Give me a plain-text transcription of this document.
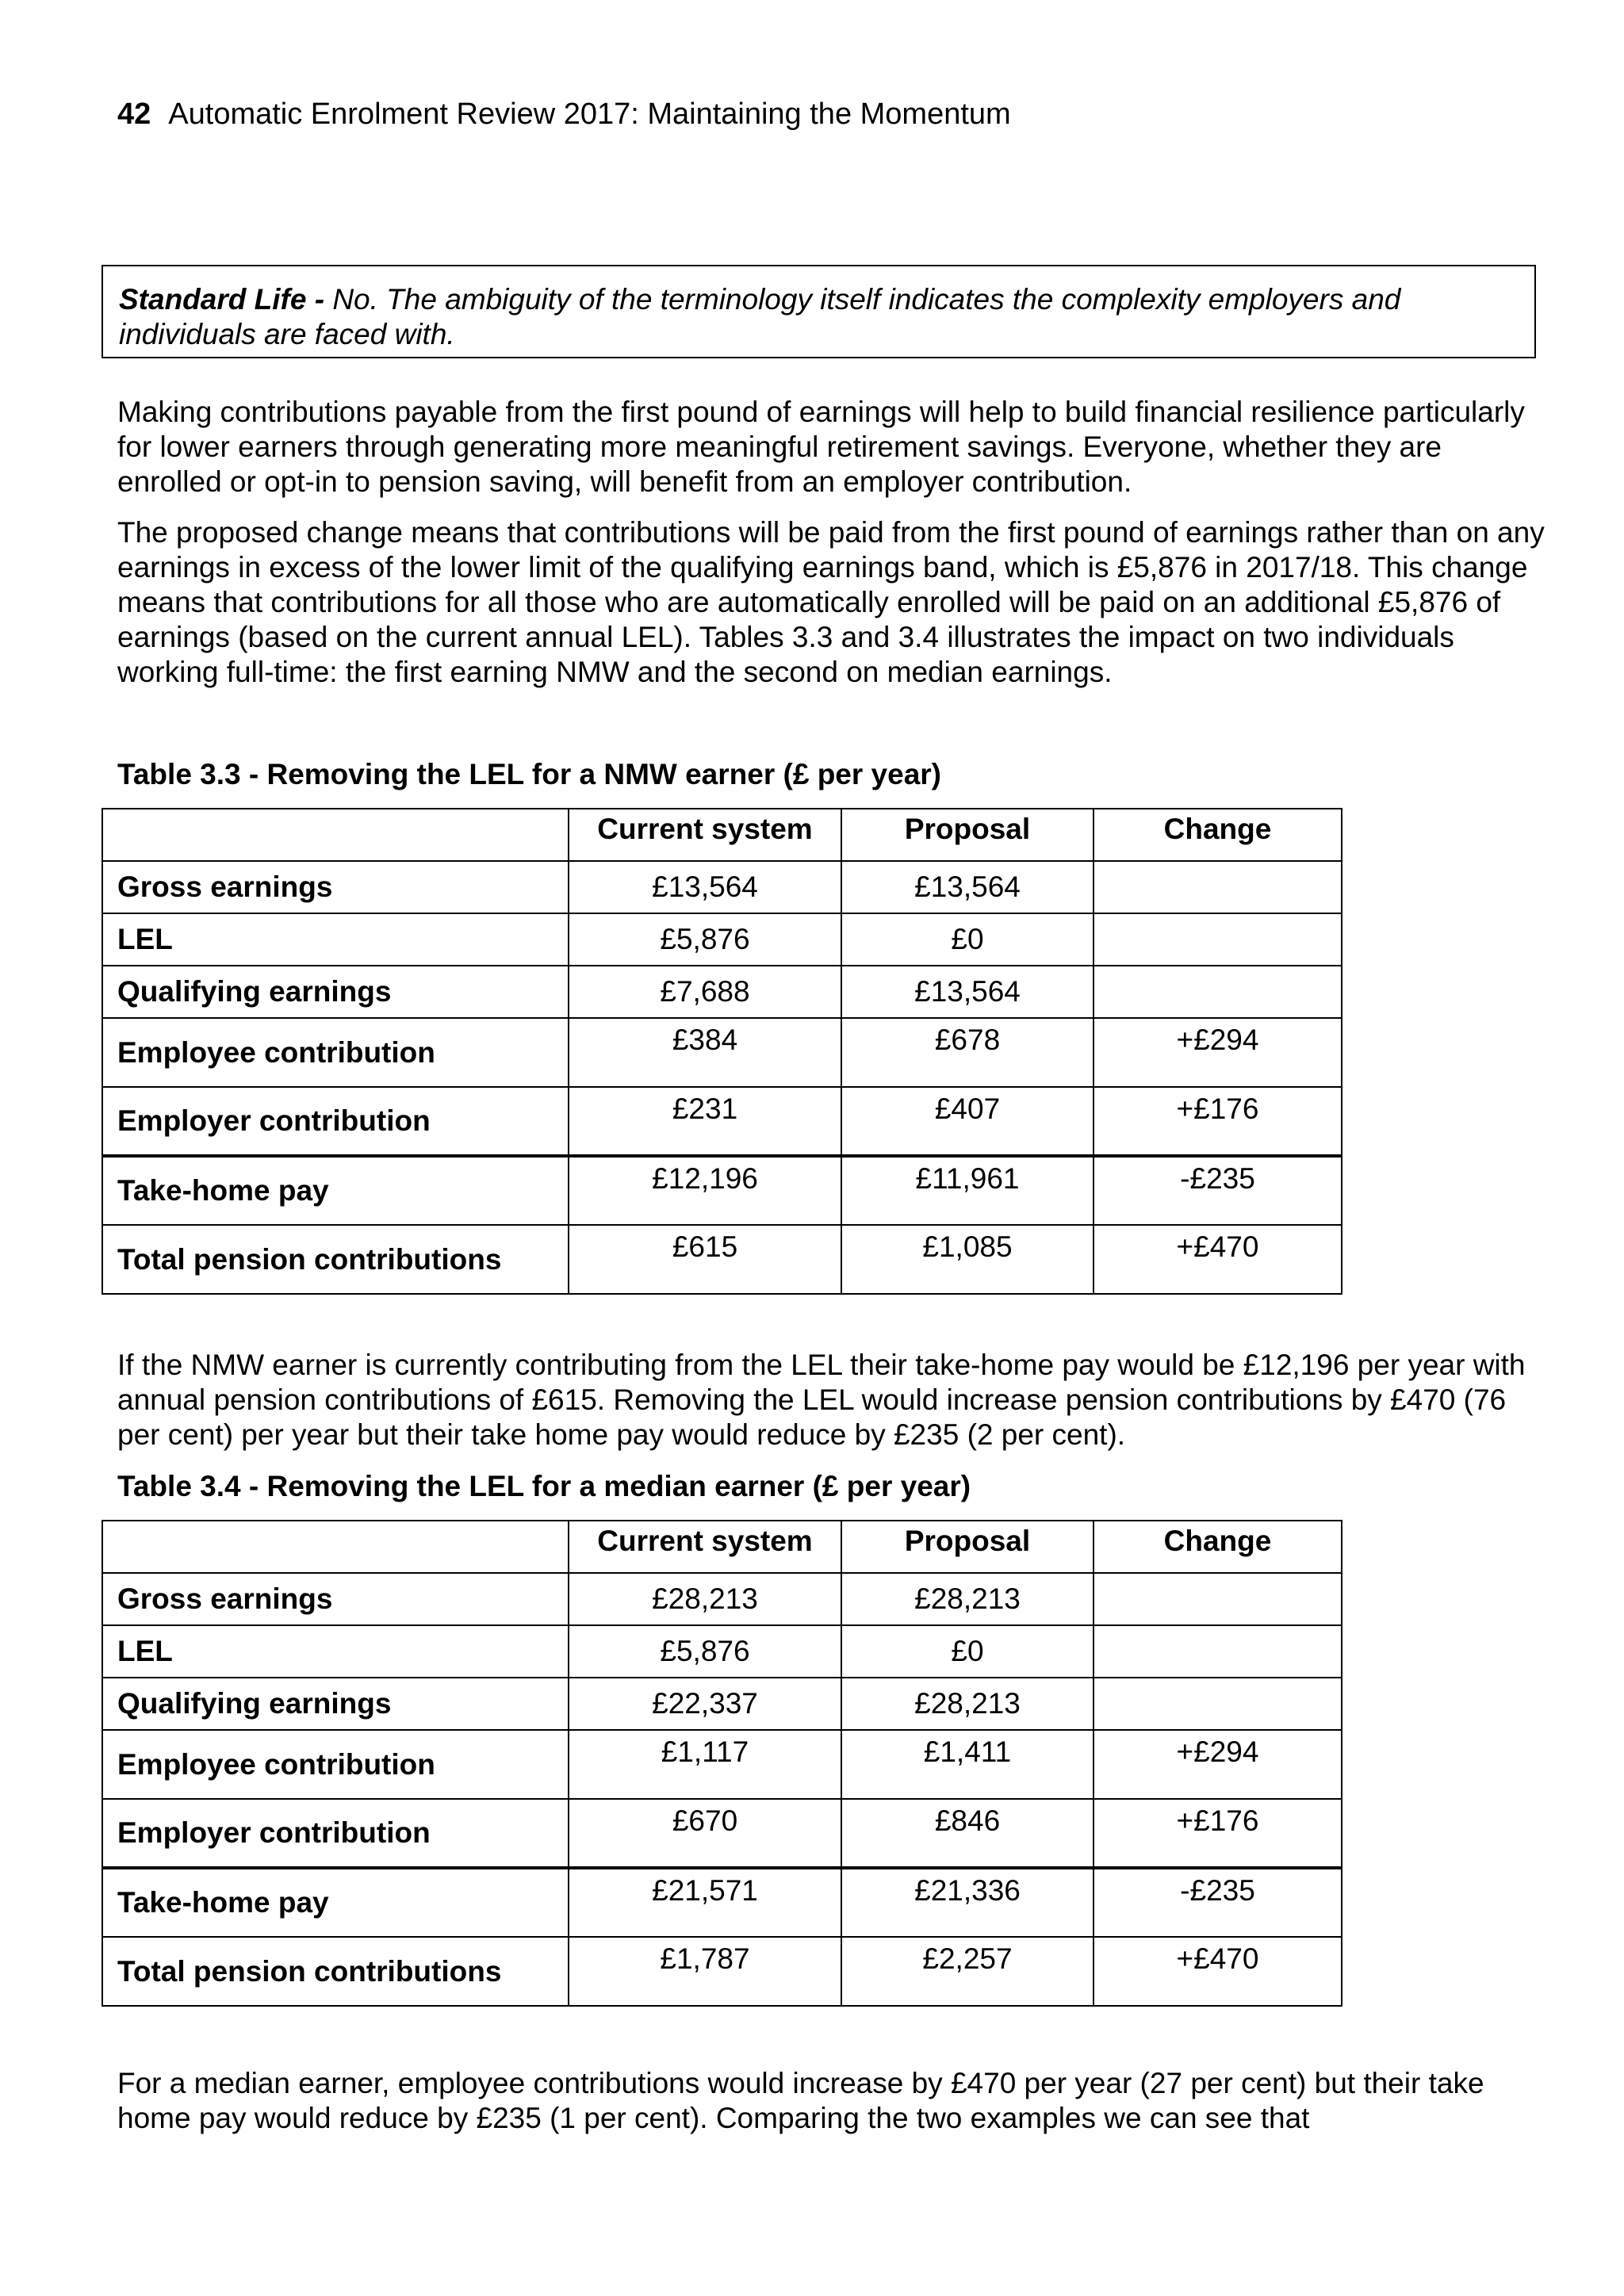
42 Automatic Enrolment Review 2017: Maintaining the Momentum
Standard Life - No. The ambiguity of the terminology itself indicates the complexity employers and individuals are faced with.

Making contributions payable from the first pound of earnings will help to build financial resilience particularly for lower earners through generating more meaningful retirement savings. Everyone, whether they are enrolled or opt-in to pension saving, will benefit from an employer contribution.

The proposed change means that contributions will be paid from the first pound of earnings rather than on any earnings in excess of the lower limit of the qualifying earnings band, which is £5,876 in 2017/18. This change means that contributions for all those who are automatically enrolled will be paid on an additional £5,876 of earnings (based on the current annual LEL). Tables 3.3 and 3.4 illustrates the impact on two individuals working full-time: the first earning NMW and the second on median earnings.

Table 3.3 - Removing the LEL for a NMW earner (£ per year)
	Current system	Proposal	Change
Gross earnings	£13,564	£13,564	
LEL	£5,876	£0	
Qualifying earnings	£7,688	£13,564	
Employee contribution	£384	£678	+£294
Employer contribution	£231	£407	+£176
Take-home pay	£12,196	£11,961	-£235
Total pension contributions	£615	£1,085	+£470

If the NMW earner is currently contributing from the LEL their take-home pay would be £12,196 per year with annual pension contributions of £615. Removing the LEL would increase pension contributions by £470 (76 per cent) per year but their take home pay would reduce by £235 (2 per cent).

Table 3.4 - Removing the LEL for a median earner (£ per year)
	Current system	Proposal	Change
Gross earnings	£28,213	£28,213	
LEL	£5,876	£0	
Qualifying earnings	£22,337	£28,213	
Employee contribution	£1,117	£1,411	+£294
Employer contribution	£670	£846	+£176
Take-home pay	£21,571	£21,336	-£235
Total pension contributions	£1,787	£2,257	+£470

For a median earner, employee contributions would increase by £470 per year (27 per cent) but their take home pay would reduce by £235 (1 per cent). Comparing the two examples we can see that
